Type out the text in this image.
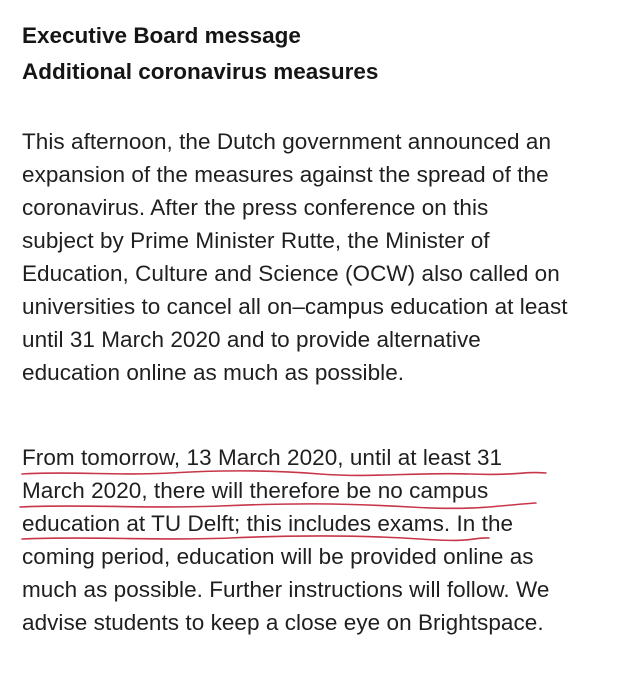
Executive Board message
Additional coronavirus measures
This afternoon, the Dutch government announced an
expansion of the measures against the spread of the
coronavirus. After the press conference on this
subject by Prime Minister Rutte, the Minister of
Education, Culture and Science (OCW) also called on
universities to cancel all on–campus education at least
until 31 March 2020 and to provide alternative
education online as much as possible.
From tomorrow, 13 March 2020, until at least 31
March 2020, there will therefore be no campus
education at TU Delft; this includes exams. In the
coming period, education will be provided online as
much as possible. Further instructions will follow. We
advise students to keep a close eye on Brightspace.
